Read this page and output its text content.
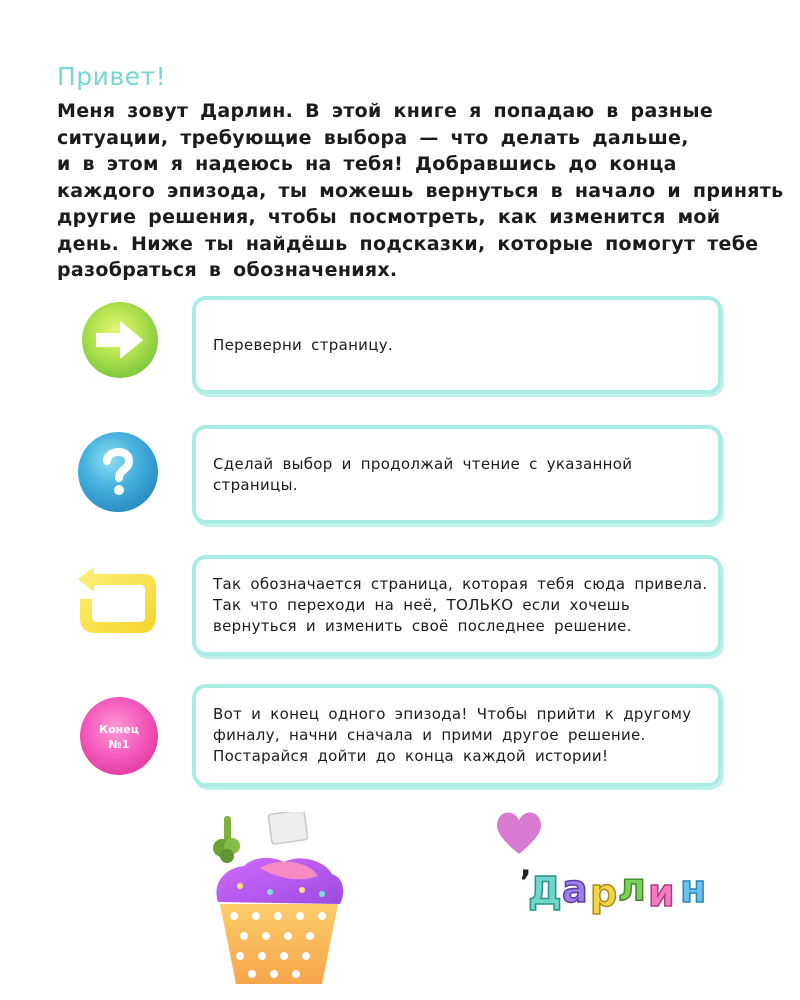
Привет!
Меня зовут Дарлин. В этой книге я попадаю в разные
ситуации, требующие выбора — что делать дальше,
и в этом я надеюсь на тебя! Добравшись до конца
каждого эпизода, ты можешь вернуться в начало и принять
другие решения, чтобы посмотреть, как изменится мой
день. Ниже ты найдёшь подсказки, которые помогут тебе
разобраться в обозначениях.
Переверни страницу.
Сделай выбор и продолжай чтение с указанной
страницы.
Так обозначается страница, которая тебя сюда привела.
Так что переходи на неё, ТОЛЬКО если хочешь
вернуться и изменить своё последнее решение.
Конец
№1
Вот и конец одного эпизода! Чтобы прийти к другому
финалу, начни сначала и прими другое решение.
Постарайся дойти до конца каждой истории!
,
Д а р л и н
